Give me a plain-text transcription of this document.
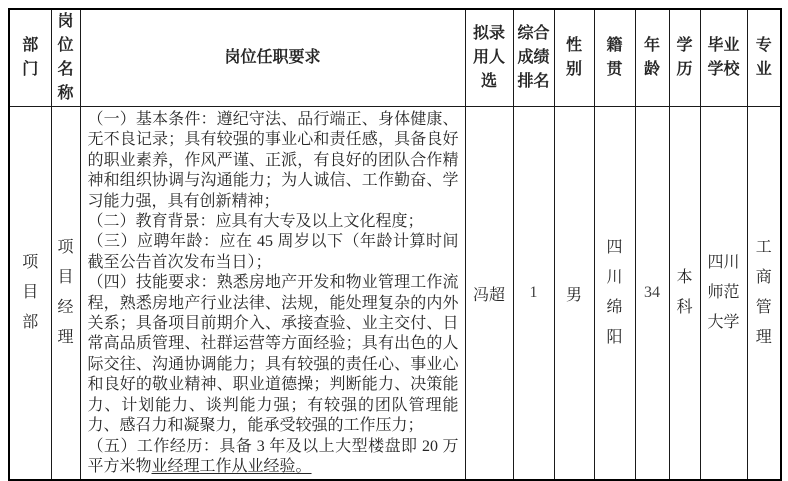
部门	岗位名称	岗位任职要求	拟录用人选	综合成绩排名	性别	籍贯	年龄	学历	毕业学校	专业

项目部	项目经理	（一）基本条件：遵纪守法、品行端正、身体健康、无不良记录；具有较强的事业心和责任感，具备良好的职业素养，作风严谨、正派，有良好的团队合作精神和组织协调与沟通能力；为人诚信、工作勤奋、学习能力强，具有创新精神；

（二）教育背景：应具有大专及以上文化程度；

（三）应聘年龄：应在 45 周岁以下（年龄计算时间截至公告首次发布当日）；

（四）技能要求：熟悉房地产开发和物业管理工作流程，熟悉房地产行业法律、法规，能处理复杂的内外关系；具备项目前期介入、承接查验、业主交付、日常高品质管理、社群运营等方面经验；具有出色的人际交往、沟通协调能力；具有较强的责任心、事业心和良好的敬业精神、职业道德操；判断能力、决策能力、计划能力、谈判能力强；有较强的团队管理能力、感召力和凝聚力，能承受较强的工作压力；

（五）工作经历：具备 3 年及以上大型楼盘即 20 万平方米物业经理工作从业经验。	冯超	1	男	四川绵阳	34	本科	四川师范大学	工商管理
